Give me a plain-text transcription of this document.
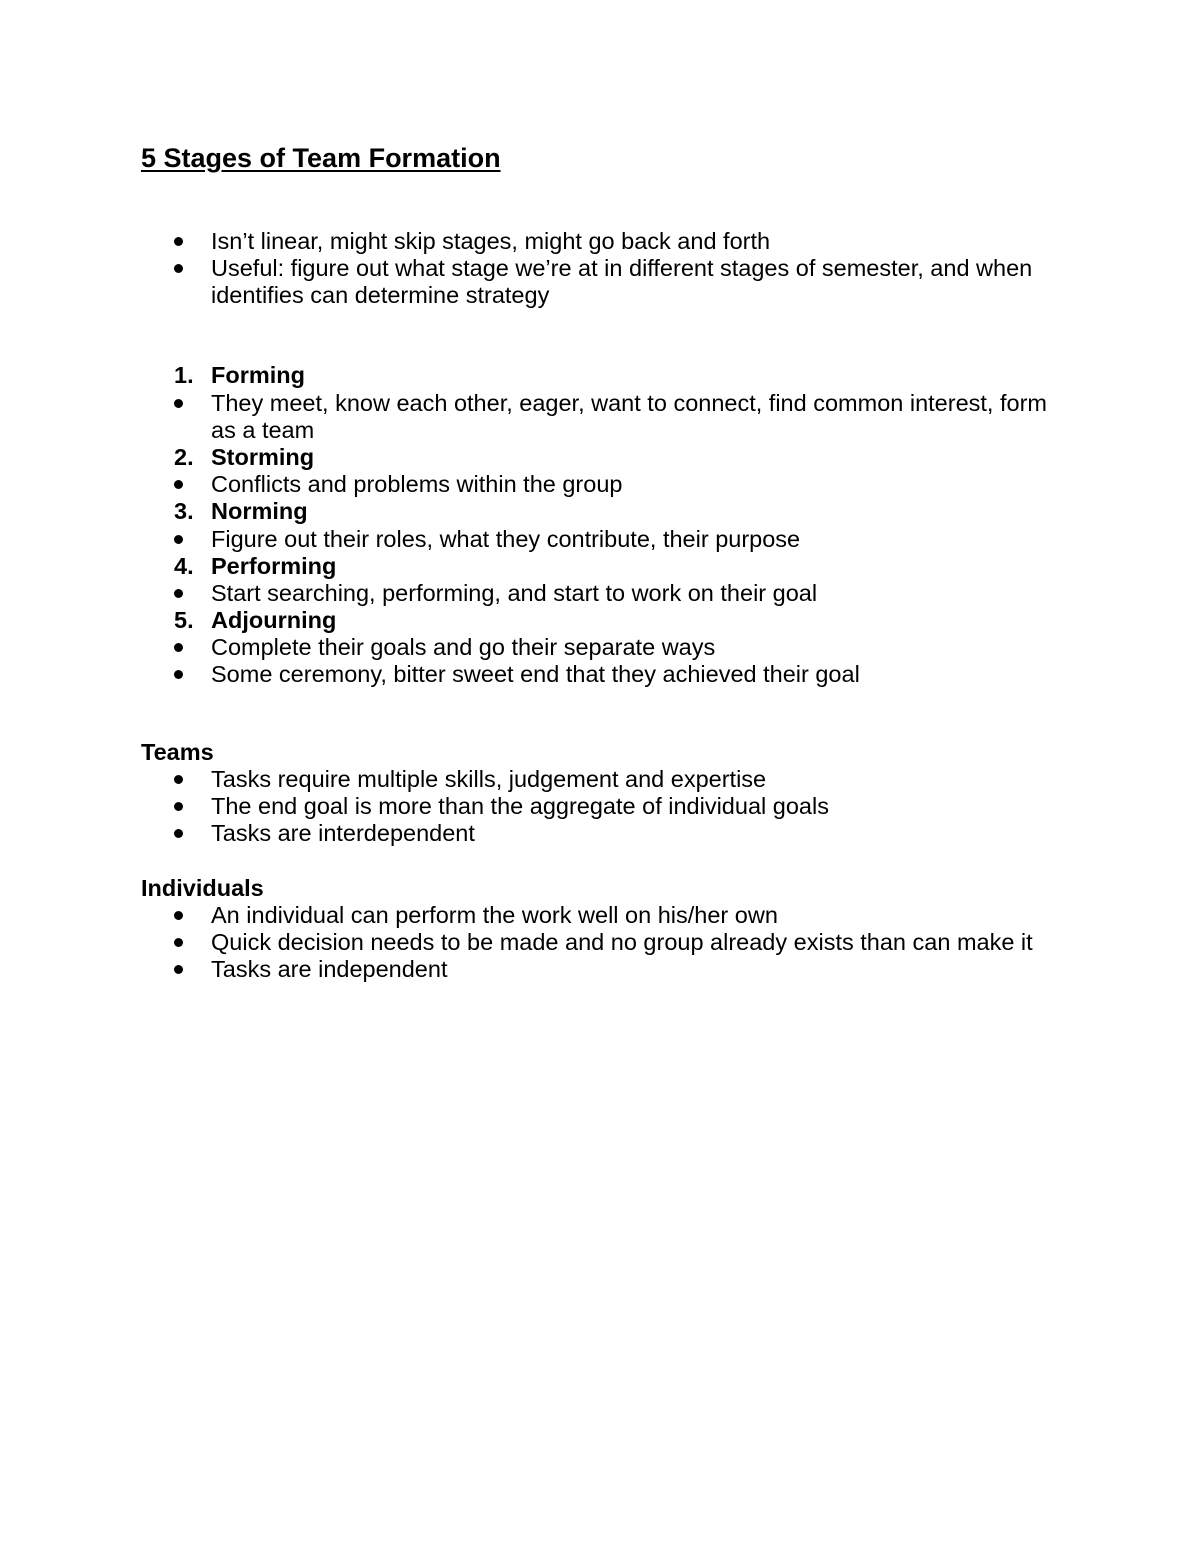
5 Stages of Team Formation
Isn’t linear, might skip stages, might go back and forth
Useful: figure out what stage we’re at in different stages of semester, and when
identifies can determine strategy
1. Forming
They meet, know each other, eager, want to connect, find common interest, form
as a team
2. Storming
Conflicts and problems within the group
3. Norming
Figure out their roles, what they contribute, their purpose
4. Performing
Start searching, performing, and start to work on their goal
5. Adjourning
Complete their goals and go their separate ways
Some ceremony, bitter sweet end that they achieved their goal
Teams
Tasks require multiple skills, judgement and expertise
The end goal is more than the aggregate of individual goals
Tasks are interdependent
Individuals
An individual can perform the work well on his/her own
Quick decision needs to be made and no group already exists than can make it
Tasks are independent
